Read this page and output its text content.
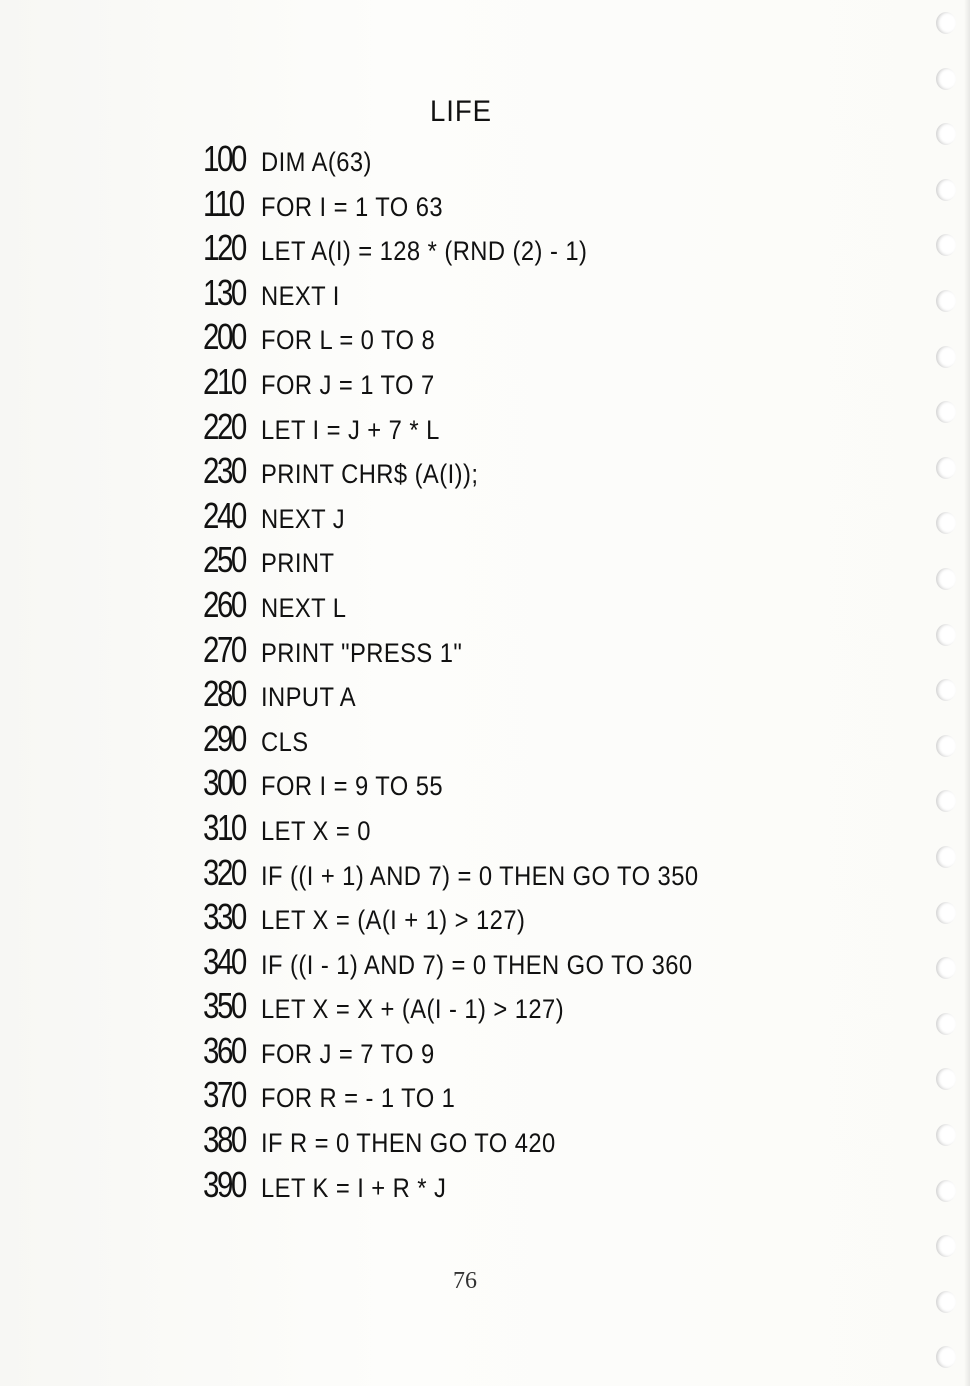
LIFE
100 DIM A(63)
110 FOR I = 1 TO 63
120 LET A(I) = 128 * (RND (2) - 1)
130 NEXT I
200 FOR L = 0 TO 8
210 FOR J = 1 TO 7
220 LET I = J + 7 * L
230 PRINT CHR$ (A(I));
240 NEXT J
250 PRINT
260 NEXT L
270 PRINT "PRESS 1"
280 INPUT A
290 CLS
300 FOR I = 9 TO 55
310 LET X = 0
320 IF ((I + 1) AND 7) = 0 THEN GO TO 350
330 LET X = (A(I + 1) > 127)
340 IF ((I - 1) AND 7) = 0 THEN GO TO 360
350 LET X = X + (A(I - 1) > 127)
360 FOR J = 7 TO 9
370 FOR R = - 1 TO 1
380 IF R = 0 THEN GO TO 420
390 LET K = I + R * J
76
